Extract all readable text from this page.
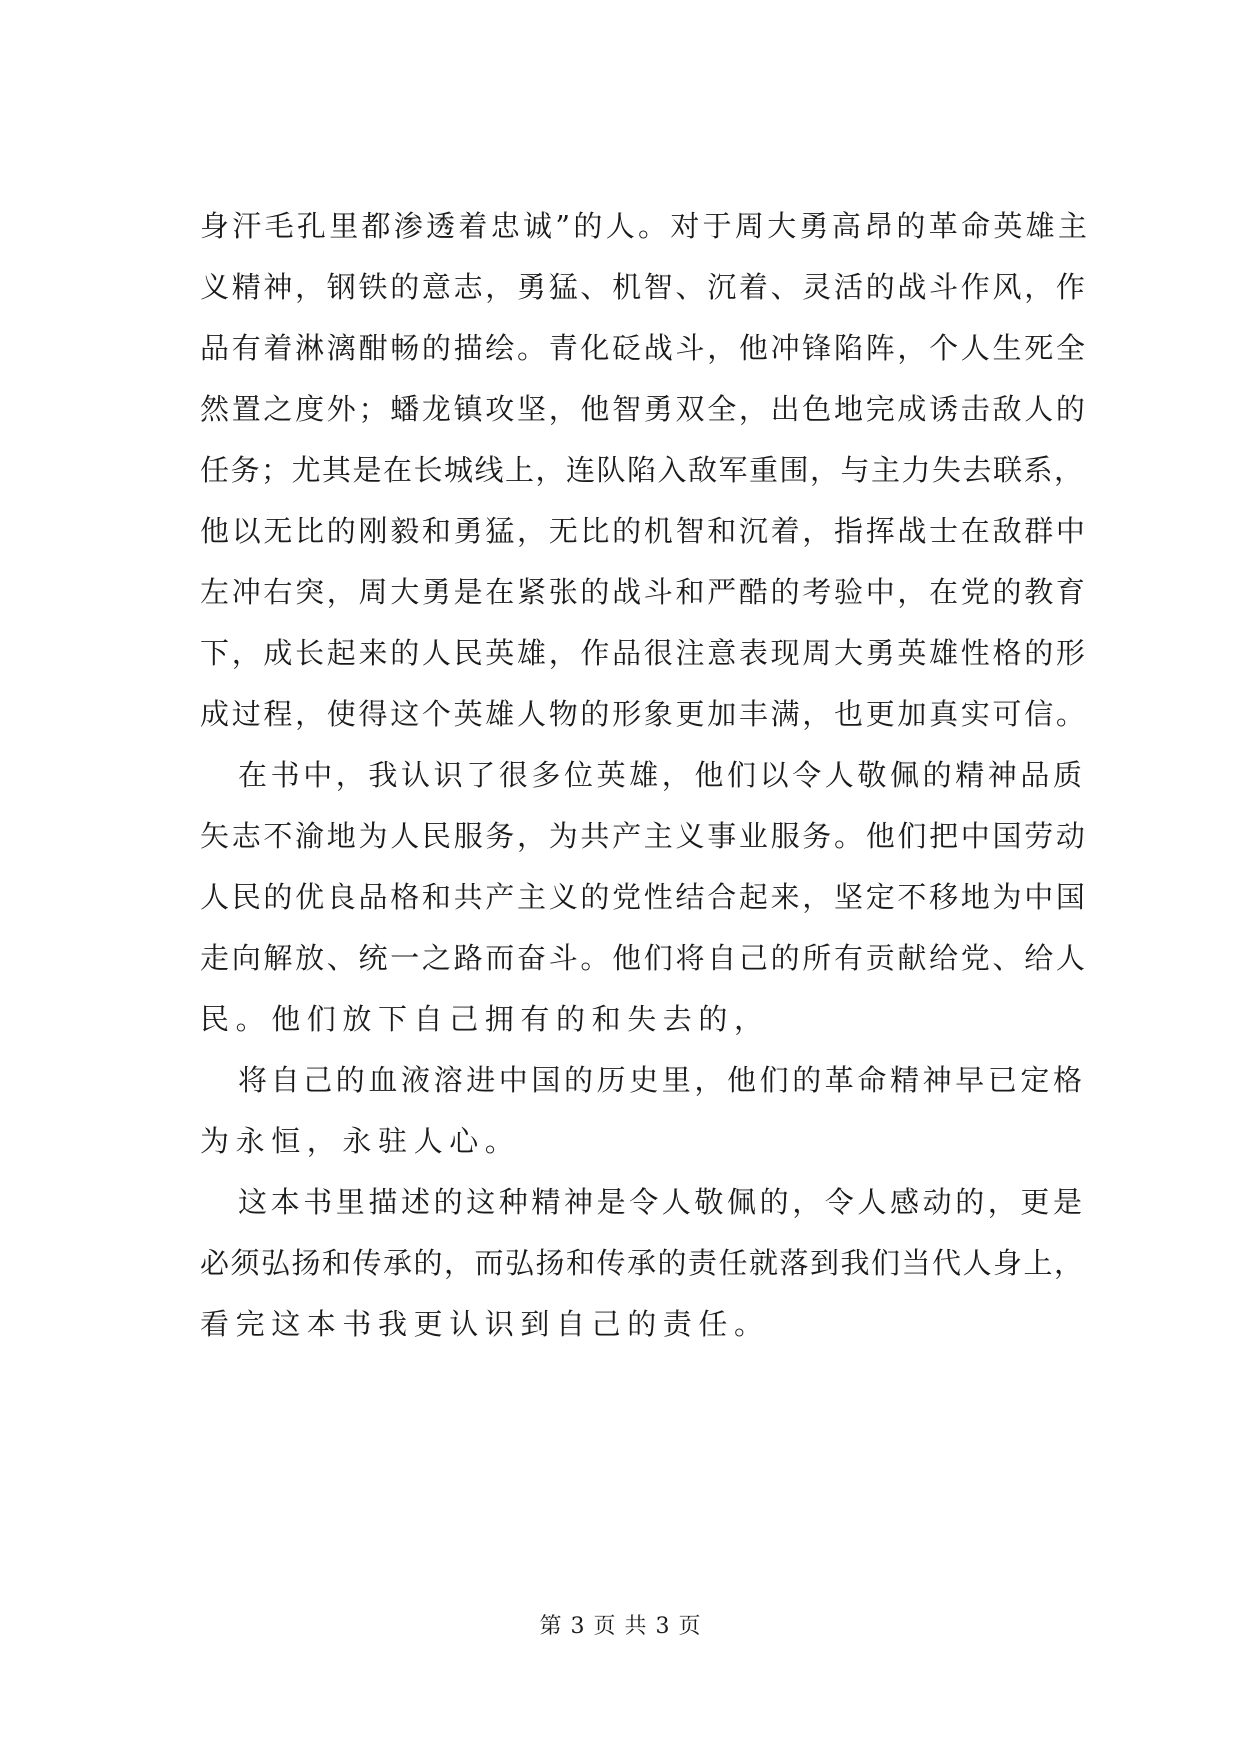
身汗毛孔里都渗透着忠诚”的人。对于周大勇高昂的革命英雄主
义精神，钢铁的意志，勇猛、机智、沉着、灵活的战斗作风，作
品有着淋漓酣畅的描绘。青化砭战斗，他冲锋陷阵，个人生死全
然置之度外；蟠龙镇攻坚，他智勇双全，出色地完成诱击敌人的
任务；尤其是在长城线上，连队陷入敌军重围，与主力失去联系，
他以无比的刚毅和勇猛，无比的机智和沉着，指挥战士在敌群中
左冲右突，周大勇是在紧张的战斗和严酷的考验中，在党的教育
下，成长起来的人民英雄，作品很注意表现周大勇英雄性格的形
成过程，使得这个英雄人物的形象更加丰满，也更加真实可信。
在书中，我认识了很多位英雄，他们以令人敬佩的精神品质
矢志不渝地为人民服务，为共产主义事业服务。他们把中国劳动
人民的优良品格和共产主义的党性结合起来，坚定不移地为中国
走向解放、统一之路而奋斗。他们将自己的所有贡献给党、给人
民。他们放下自己拥有的和失去的，
将自己的血液溶进中国的历史里，他们的革命精神早已定格
为永恒，永驻人心。
这本书里描述的这种精神是令人敬佩的，令人感动的，更是
必须弘扬和传承的，而弘扬和传承的责任就落到我们当代人身上，
看完这本书我更认识到自己的责任。
第 3 页 共 3 页
